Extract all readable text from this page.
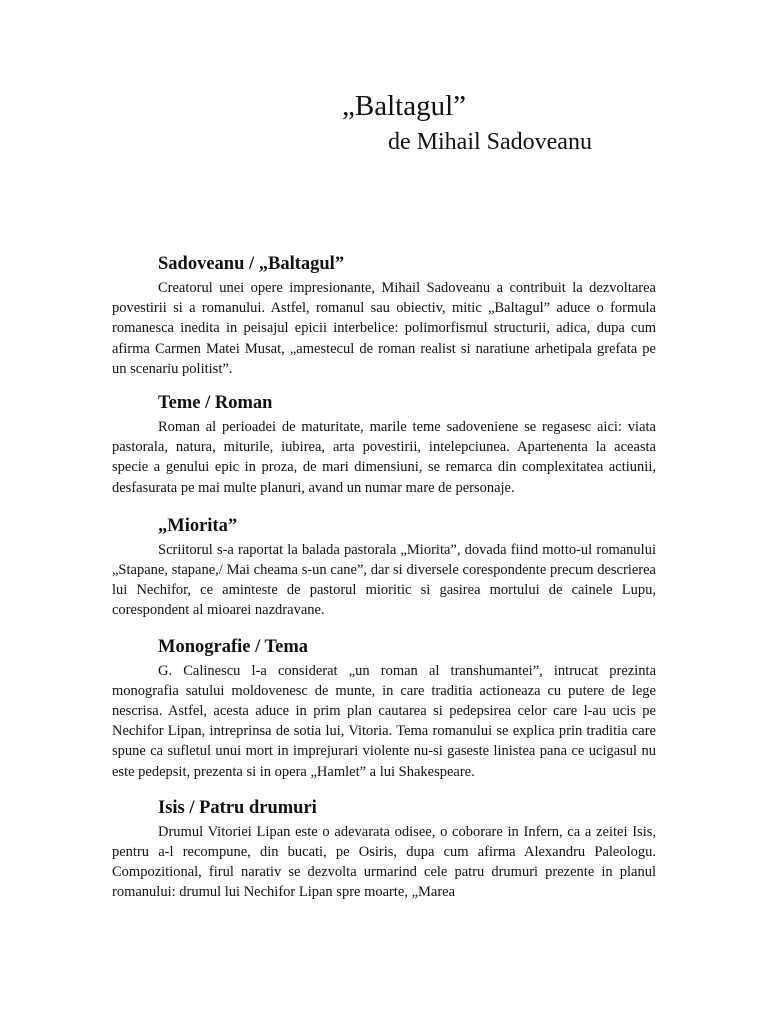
„Baltagul”
de Mihail Sadoveanu
Sadoveanu / „Baltagul”

Creatorul unei opere impresionante, Mihail Sadoveanu a contribuit la dezvoltarea povestirii si a romanului. Astfel, romanul sau obiectiv, mitic „Baltagul” aduce o formula romanesca inedita in peisajul epicii interbelice: polimorfismul structurii, adica, dupa cum afirma Carmen Matei Musat, „amestecul de roman realist si naratiune arhetipala grefata pe un scenariu politist”.

Teme / Roman

Roman al perioadei de maturitate, marile teme sadoveniene se regasesc aici: viata pastorala, natura, miturile, iubirea, arta povestirii, intelepciunea. Apartenenta la aceasta specie a genului epic in proza, de mari dimensiuni, se remarca din complexitatea actiunii, desfasurata pe mai multe planuri, avand un numar mare de personaje.

„Miorita”

Scriitorul s-a raportat la balada pastorala „Miorita”, dovada fiind motto-ul romanului „Stapane, stapane,/ Mai cheama s-un cane”, dar si diversele corespondente precum descrierea lui Nechifor, ce aminteste de pastorul mioritic si gasirea mortului de cainele Lupu, corespondent al mioarei nazdravane.

Monografie / Tema

G. Calinescu l-a considerat „un roman al transhumantei”, intrucat prezinta monografia satului moldovenesc de munte, in care traditia actioneaza cu putere de lege nescrisa. Astfel, acesta aduce in prim plan cautarea si pedepsirea celor care l-au ucis pe Nechifor Lipan, intreprinsa de sotia lui, Vitoria. Tema romanului se explica prin traditia care spune ca sufletul unui mort in imprejurari violente nu-si gaseste linistea pana ce ucigasul nu este pedepsit, prezenta si in opera „Hamlet” a lui Shakespeare.

Isis / Patru drumuri

Drumul Vitoriei Lipan este o adevarata odisee, o coborare in Infern, ca a zeitei Isis, pentru a-l recompune, din bucati, pe Osiris, dupa cum afirma Alexandru Paleologu. Compozitional, firul narativ se dezvolta urmarind cele patru drumuri prezente in planul romanului: drumul lui Nechifor Lipan spre moarte, „Marea
